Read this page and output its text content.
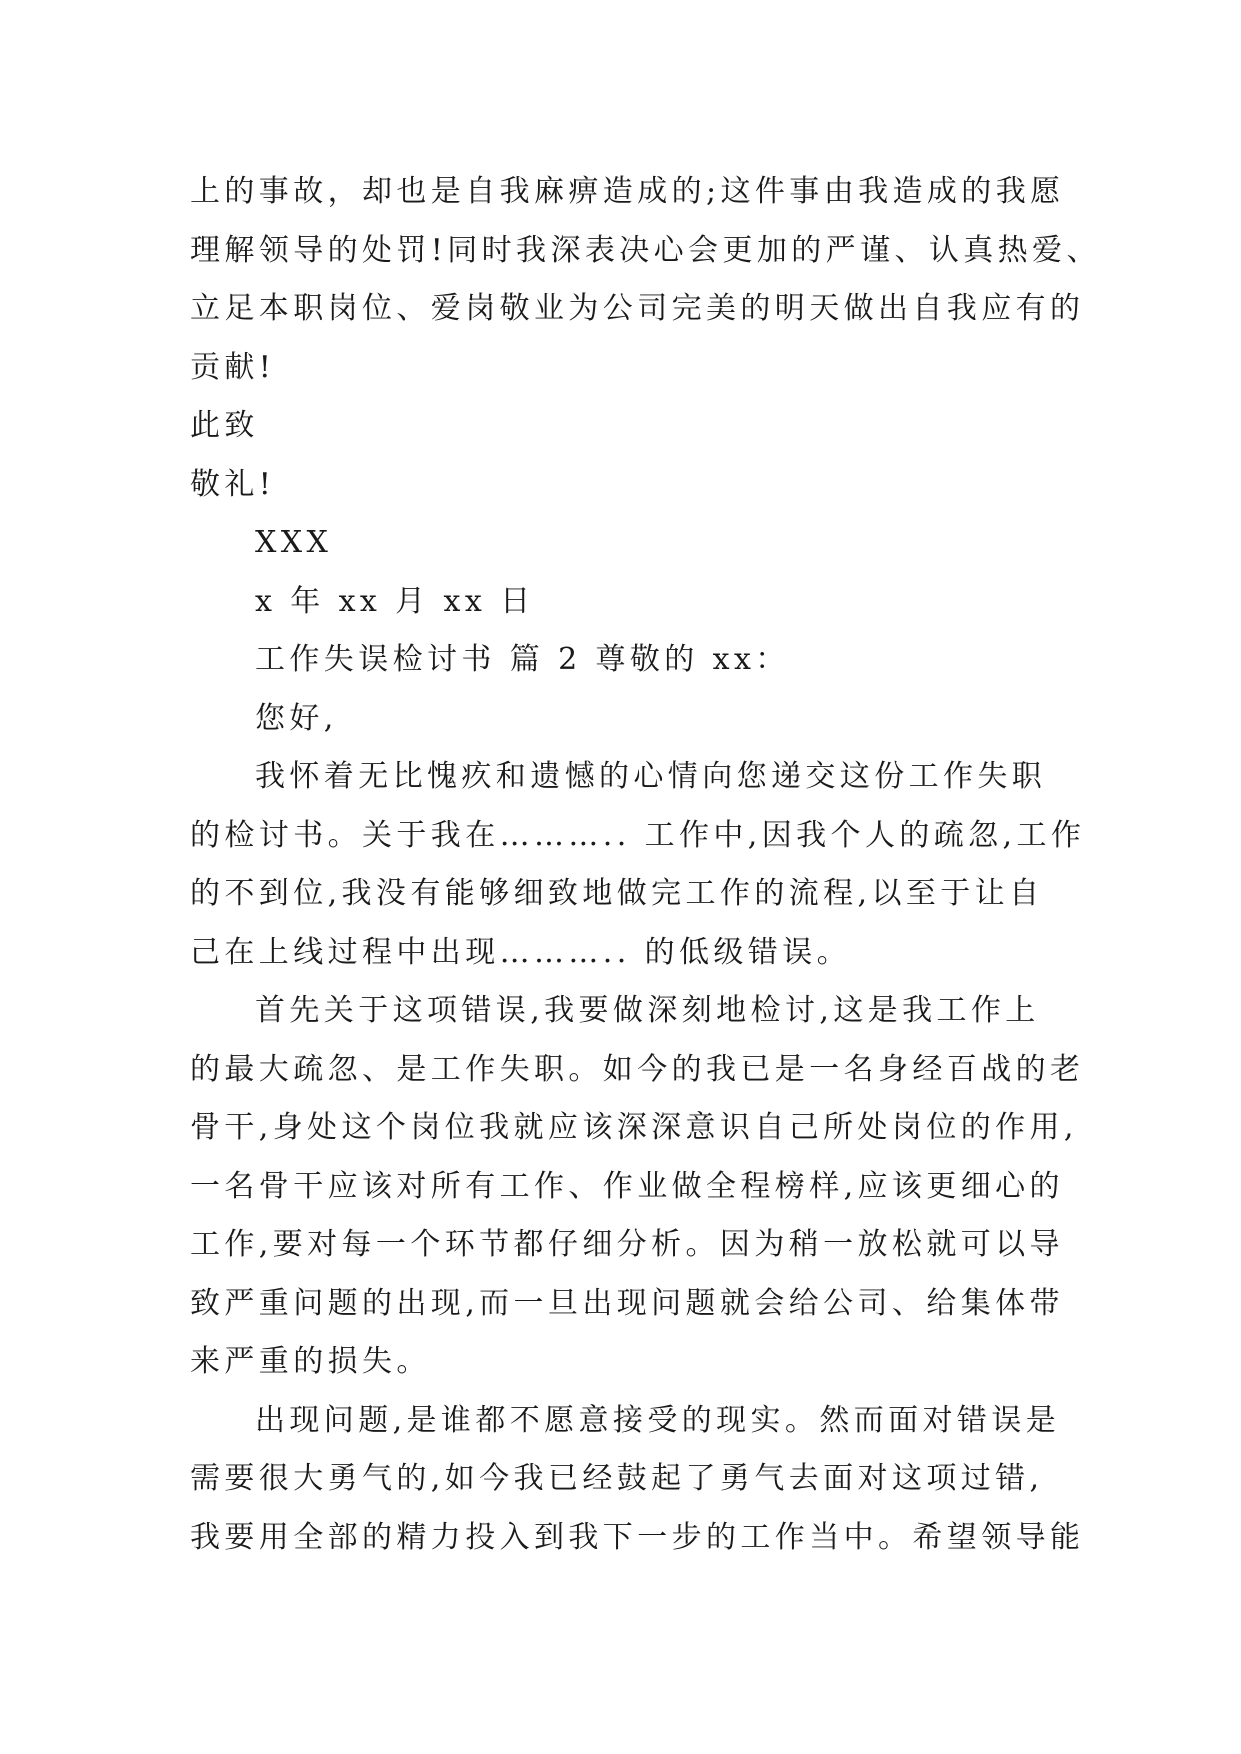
上的事故，却也是自我麻痹造成的;这件事由我造成的我愿
理解领导的处罚!同时我深表决心会更加的严谨、认真热爱、
立足本职岗位、爱岗敬业为公司完美的明天做出自我应有的
贡献!
此致
敬礼!
XXX
x 年 xx 月 xx 日
工作失误检讨书 篇 2 尊敬的 xx：
您好,
我怀着无比愧疚和遗憾的心情向您递交这份工作失职
的检讨书。关于我在……….. 工作中,因我个人的疏忽,工作
的不到位,我没有能够细致地做完工作的流程,以至于让自
己在上线过程中出现……….. 的低级错误。
首先关于这项错误,我要做深刻地检讨,这是我工作上
的最大疏忽、是工作失职。如今的我已是一名身经百战的老
骨干,身处这个岗位我就应该深深意识自己所处岗位的作用,
一名骨干应该对所有工作、作业做全程榜样,应该更细心的
工作,要对每一个环节都仔细分析。因为稍一放松就可以导
致严重问题的出现,而一旦出现问题就会给公司、给集体带
来严重的损失。
出现问题,是谁都不愿意接受的现实。然而面对错误是
需要很大勇气的,如今我已经鼓起了勇气去面对这项过错,
我要用全部的精力投入到我下一步的工作当中。希望领导能
